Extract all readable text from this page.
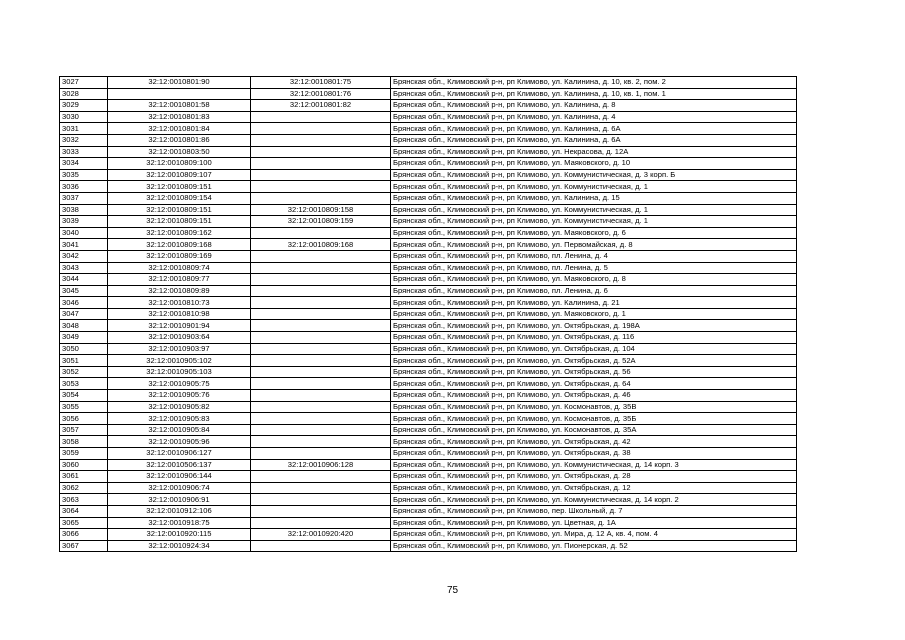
3027	32:12:0010801:90	32:12:0010801:75	Брянская обл., Климовский р-н, рп Климово, ул. Калинина, д. 10, кв. 2, пом. 2
3028		32:12:0010801:76	Брянская обл., Климовский р-н, рп Климово, ул. Калинина, д. 10, кв. 1, пом. 1
3029	32:12:0010801:58	32:12:0010801:82	Брянская обл., Климовский р-н, рп Климово, ул. Калинина, д. 8
3030	32:12:0010801:83		Брянская обл., Климовский р-н, рп Климово, ул. Калинина, д. 4
3031	32:12:0010801:84		Брянская обл., Климовский р-н, рп Климово, ул. Калинина, д. 6А
3032	32:12:0010801:86		Брянская обл., Климовский р-н, рп Климово, ул. Калинина, д. 6А
3033	32:12:0010803:50		Брянская обл., Климовский р-н, рп Климово, ул. Некрасова, д. 12А
3034	32:12:0010809:100		Брянская обл., Климовский р-н, рп Климово, ул. Маяковского, д. 10
3035	32:12:0010809:107		Брянская обл., Климовский р-н, рп Климово, ул. Коммунистическая, д. 3 корп. Б
3036	32:12:0010809:151		Брянская обл., Климовский р-н, рп Климово, ул. Коммунистическая, д. 1
3037	32:12:0010809:154		Брянская обл., Климовский р-н, рп Климово, ул. Калинина, д. 15
3038	32:12:0010809:151	32:12:0010809:158	Брянская обл., Климовский р-н, рп Климово, ул. Коммунистическая, д. 1
3039	32:12:0010809:151	32:12:0010809:159	Брянская обл., Климовский р-н, рп Климово, ул. Коммунистическая, д. 1
3040	32:12:0010809:162		Брянская обл., Климовский р-н, рп Климово, ул. Маяковского, д. 6
3041	32:12:0010809:168	32:12:0010809:168	Брянская обл., Климовский р-н, рп Климово, ул. Первомайская, д. 8
3042	32:12:0010809:169		Брянская обл., Климовский р-н, рп Климово, пл. Ленина, д. 4
3043	32:12:0010809:74		Брянская обл., Климовский р-н, рп Климово, пл. Ленина, д. 5
3044	32:12:0010809:77		Брянская обл., Климовский р-н, рп Климово, ул. Маяковского, д. 8
3045	32:12:0010809:89		Брянская обл., Климовский р-н, рп Климово, пл. Ленина, д. 6
3046	32:12:0010810:73		Брянская обл., Климовский р-н, рп Климово, ул. Калинина, д. 21
3047	32:12:0010810:98		Брянская обл., Климовский р-н, рп Климово, ул. Маяковского, д. 1
3048	32:12:0010901:94		Брянская обл., Климовский р-н, рп Климово, ул. Октябрьская, д. 198А
3049	32:12:0010903:64		Брянская обл., Климовский р-н, рп Климово, ул. Октябрьская, д. 116
3050	32:12:0010903:97		Брянская обл., Климовский р-н, рп Климово, ул. Октябрьская, д. 104
3051	32:12:0010905:102		Брянская обл., Климовский р-н, рп Климово, ул. Октябрьская, д. 52А
3052	32:12:0010905:103		Брянская обл., Климовский р-н, рп Климово, ул. Октябрьская, д. 56
3053	32:12:0010905:75		Брянская обл., Климовский р-н, рп Климово, ул. Октябрьская, д. 64
3054	32:12:0010905:76		Брянская обл., Климовский р-н, рп Климово, ул. Октябрьская, д. 46
3055	32:12:0010905:82		Брянская обл., Климовский р-н, рп Климово, ул. Космонавтов, д. 35В
3056	32:12:0010905:83		Брянская обл., Климовский р-н, рп Климово, ул. Космонавтов, д. 35Б
3057	32:12:0010905:84		Брянская обл., Климовский р-н, рп Климово, ул. Космонавтов, д. 35А
3058	32:12:0010905:96		Брянская обл., Климовский р-н, рп Климово, ул. Октябрьская, д. 42
3059	32:12:0010906:127		Брянская обл., Климовский р-н, рп Климово, ул. Октябрьская, д. 38
3060	32:12:0010506:137	32:12:0010906:128	Брянская обл., Климовский р-н, рп Климово, ул. Коммунистическая, д. 14 корп. 3
3061	32:12:0010906:144		Брянская обл., Климовский р-н, рп Климово, ул. Октябрьская, д. 28
3062	32:12:0010906:74		Брянская обл., Климовский р-н, рп Климово, ул. Октябрьская, д. 12
3063	32:12:0010906:91		Брянская обл., Климовский р-н, рп Климово, ул. Коммунистическая, д. 14 корп. 2
3064	32:12:0010912:106		Брянская обл., Климовский р-н, рп Климово, пер. Школьный, д. 7
3065	32:12:0010918:75		Брянская обл., Климовский р-н, рп Климово, ул. Цветная, д. 1А
3066	32:12:0010920:115	32:12:0010920:420	Брянская обл., Климовский р-н, рп Климово, ул. Мира, д. 12 А, кв. 4, пом. 4
3067	32:12:0010924:34		Брянская обл., Климовский р-н, рп Климово, ул. Пионерская, д. 52
75
